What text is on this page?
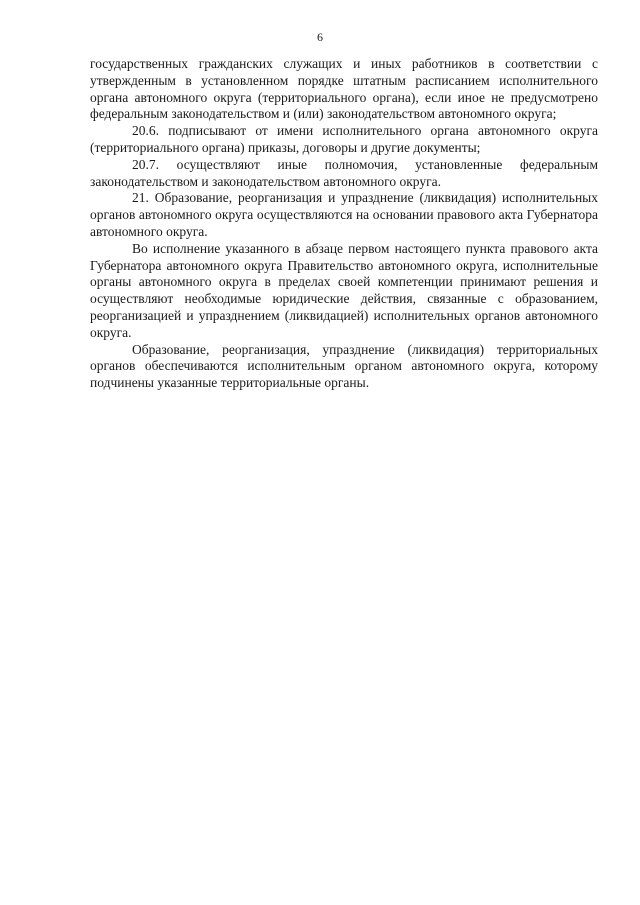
6

государственных гражданских служащих и иных работников в соответствии с утвержденным в установленном порядке штатным расписанием исполнительного органа автономного округа (территориального органа), если иное не предусмотрено федеральным законодательством и (или) законодательством автономного округа;

20.6. подписывают от имени исполнительного органа автономного округа (территориального органа) приказы, договоры и другие документы;

20.7. осуществляют иные полномочия, установленные федеральным законодательством и законодательством автономного округа.

21. Образование, реорганизация и упразднение (ликвидация) исполнительных органов автономного округа осуществляются на основании правового акта Губернатора автономного округа.

Во исполнение указанного в абзаце первом настоящего пункта правового акта Губернатора автономного округа Правительство автономного округа, исполнительные органы автономного округа в пределах своей компетенции принимают решения и осуществляют необходимые юридические действия, связанные с образованием, реорганизацией и упразднением (ликвидацией) исполнительных органов автономного округа.

Образование, реорганизация, упразднение (ликвидация) территориальных органов обеспечиваются исполнительным органом автономного округа, которому подчинены указанные территориальные органы.
